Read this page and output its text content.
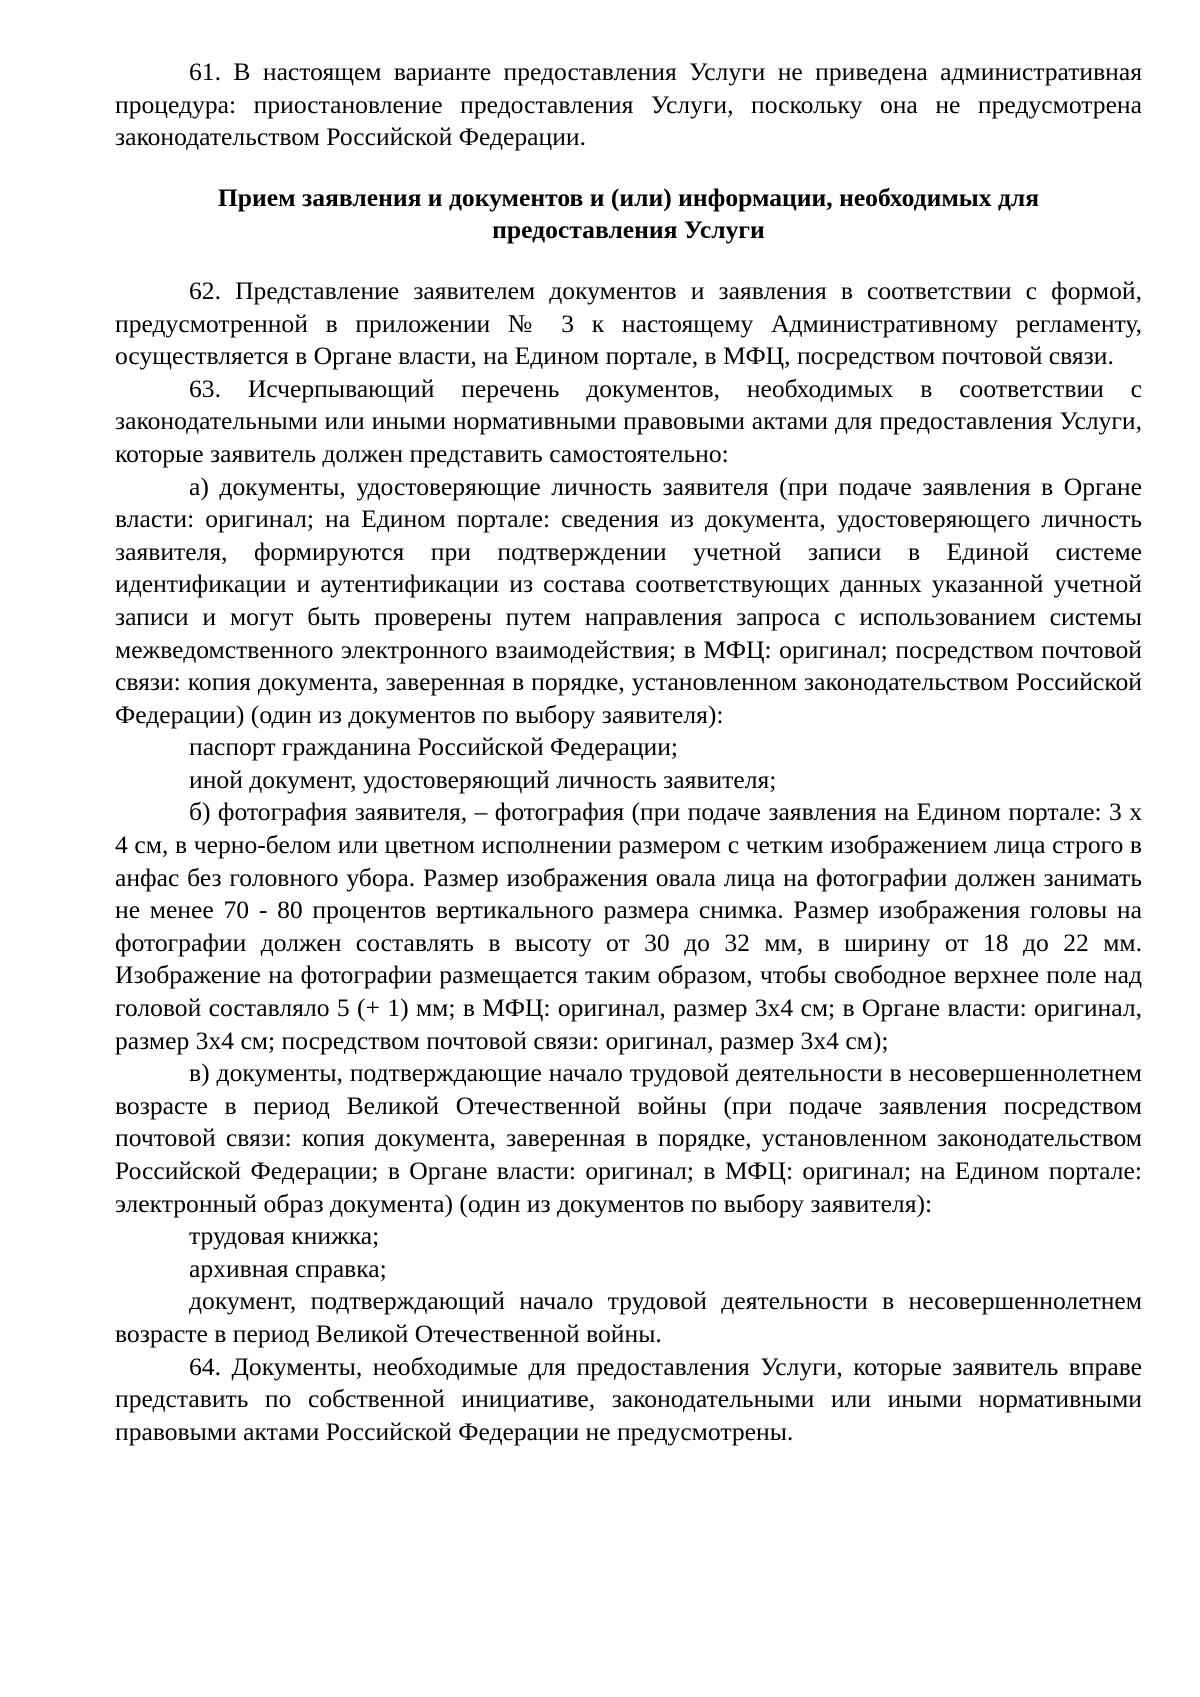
61. В настоящем варианте предоставления Услуги не приведена административная процедура: приостановление предоставления Услуги, поскольку она не предусмотрена законодательством Российской Федерации.

Прием заявления и документов и (или) информации, необходимых для
предоставления Услуги

62. Представление заявителем документов и заявления в соответствии с формой, предусмотренной в приложении № 3 к настоящему Административному регламенту, осуществляется в Органе власти, на Едином портале, в МФЦ, посредством почтовой связи.

63. Исчерпывающий перечень документов, необходимых в соответствии с законодательными или иными нормативными правовыми актами для предоставления Услуги, которые заявитель должен представить самостоятельно:

а) документы, удостоверяющие личность заявителя (при подаче заявления в Органе власти: оригинал; на Едином портале: сведения из документа, удостоверяющего личность заявителя, формируются при подтверждении учетной записи в Единой системе идентификации и аутентификации из состава соответствующих данных указанной учетной записи и могут быть проверены путем направления запроса с использованием системы межведомственного электронного взаимодействия; в МФЦ: оригинал; посредством почтовой связи: копия документа, заверенная в порядке, установленном законодательством Российской Федерации) (один из документов по выбору заявителя):

паспорт гражданина Российской Федерации;

иной документ, удостоверяющий личность заявителя;

б) фотография заявителя, – фотография (при подаче заявления на Едином портале: 3 х 4 см, в черно-белом или цветном исполнении размером с четким изображением лица строго в анфас без головного убора. Размер изображения овала лица на фотографии должен занимать не менее 70 - 80 процентов вертикального размера снимка. Размер изображения головы на фотографии должен составлять в высоту от 30 до 32 мм, в ширину от 18 до 22 мм. Изображение на фотографии размещается таким образом, чтобы свободное верхнее поле над головой составляло 5 (+ 1) мм; в МФЦ: оригинал, размер 3х4 см; в Органе власти: оригинал, размер 3х4 см; посредством почтовой связи: оригинал, размер 3х4 см);

в) документы, подтверждающие начало трудовой деятельности в несовершеннолетнем возрасте в период Великой Отечественной войны (при подаче заявления посредством почтовой связи: копия документа, заверенная в порядке, установленном законодательством Российской Федерации; в Органе власти: оригинал; в МФЦ: оригинал; на Едином портале: электронный образ документа) (один из документов по выбору заявителя):

трудовая книжка;

архивная справка;

документ, подтверждающий начало трудовой деятельности в несовершеннолетнем возрасте в период Великой Отечественной войны.

64. Документы, необходимые для предоставления Услуги, которые заявитель вправе представить по собственной инициативе, законодательными или иными нормативными правовыми актами Российской Федерации не предусмотрены.
